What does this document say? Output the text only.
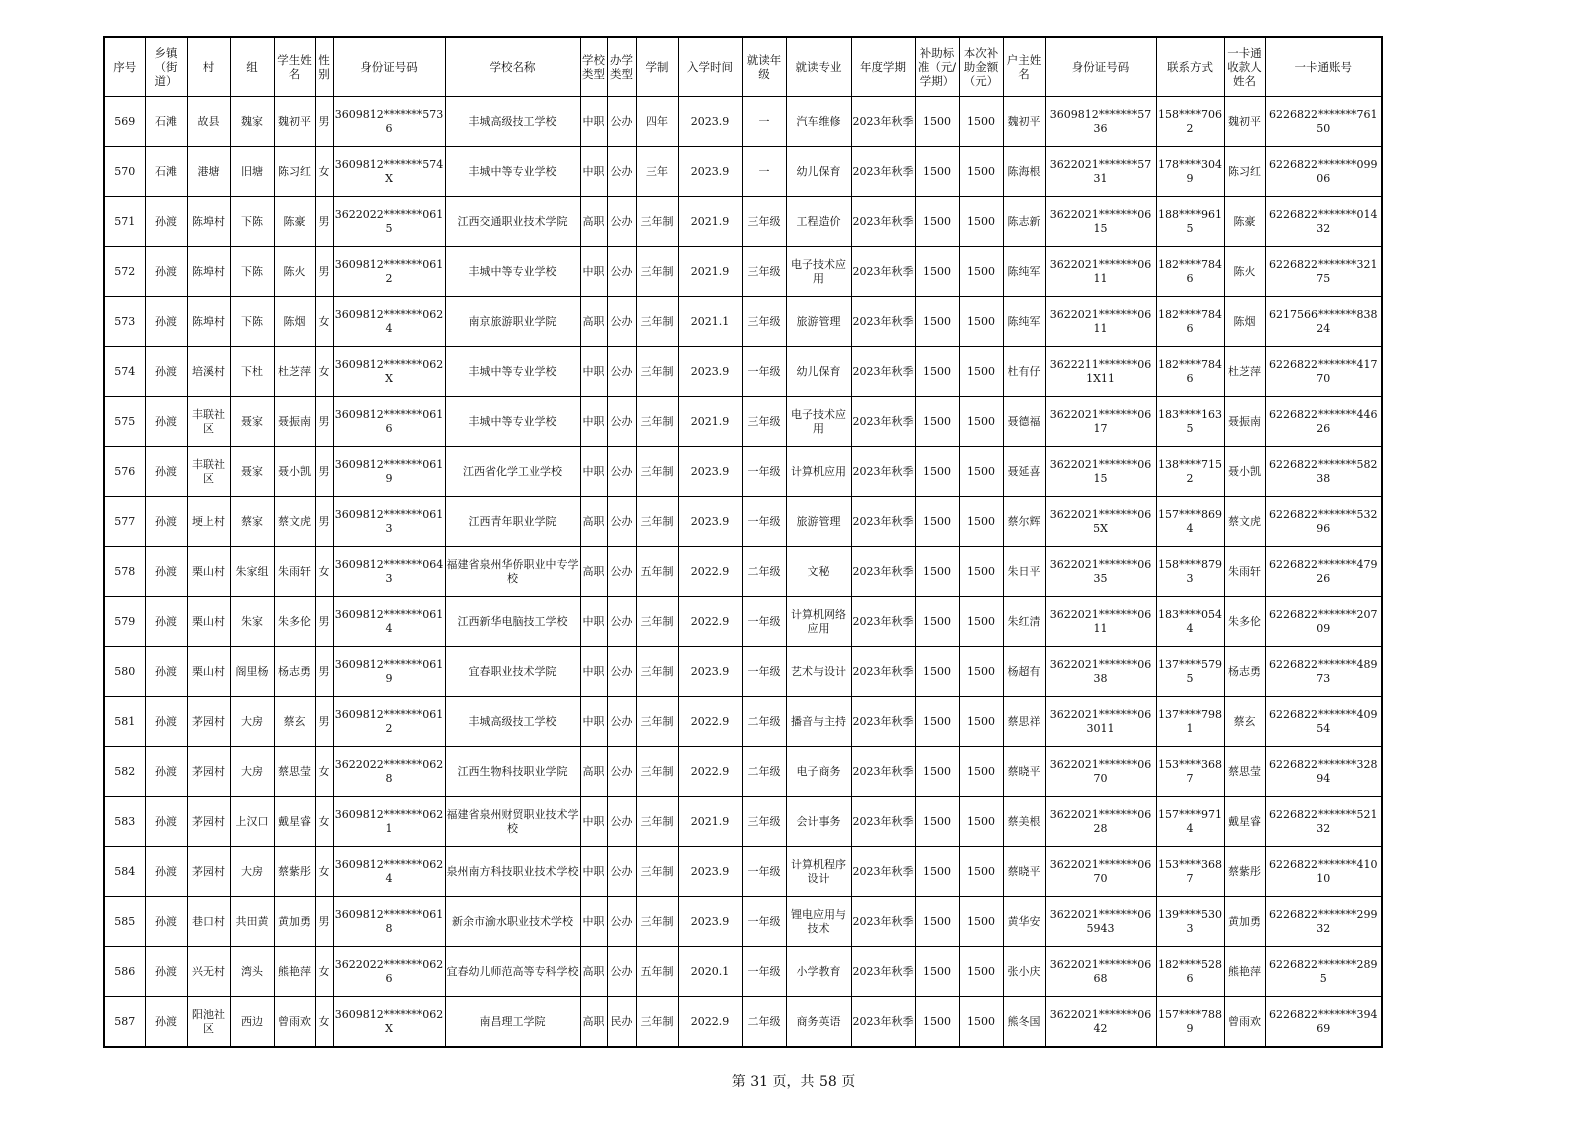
序号	乡镇（街道）	村	组	学生姓名	性别	身份证号码	学校名称	学校类型	办学类型	学制	入学时间	就读年级	就读专业	年度学期	补助标准（元/学期）	本次补助金额（元）	户主姓名	身份证号码	联系方式	一卡通收款人姓名	一卡通账号
569	石滩	故县	魏家	魏初平	男	3609812*******5736	丰城高级技工学校	中职	公办	四年	2023.9	一	汽车维修	2023年秋季	1500	1500	魏初平	3609812*******5736	158****7062	魏初平	6226822*******76150
570	石滩	港塘	旧塘	陈习红	女	3609812*******574X	丰城中等专业学校	中职	公办	三年	2023.9	一	幼儿保育	2023年秋季	1500	1500	陈海根	3622021*******5731	178****3049	陈习红	6226822*******09906
571	孙渡	陈埠村	下陈	陈豪	男	3622022*******0615	江西交通职业技术学院	高职	公办	三年制	2021.9	三年级	工程造价	2023年秋季	1500	1500	陈志新	3622021*******0615	188****9615	陈豪	6226822*******01432
572	孙渡	陈埠村	下陈	陈火	男	3609812*******0612	丰城中等专业学校	中职	公办	三年制	2021.9	三年级	电子技术应用	2023年秋季	1500	1500	陈纯军	3622021*******0611	182****7846	陈火	6226822*******32175
573	孙渡	陈埠村	下陈	陈烟	女	3609812*******0624	南京旅游职业学院	高职	公办	三年制	2021.1	三年级	旅游管理	2023年秋季	1500	1500	陈纯军	3622021*******0611	182****7846	陈烟	6217566*******83824
574	孙渡	培溪村	下杜	杜芝萍	女	3609812*******062X	丰城中等专业学校	中职	公办	三年制	2023.9	一年级	幼儿保育	2023年秋季	1500	1500	杜有仔	3622211*******061X11	182****7846	杜芝萍	6226822*******41770
575	孙渡	丰联社区	聂家	聂振南	男	3609812*******0616	丰城中等专业学校	中职	公办	三年制	2021.9	三年级	电子技术应用	2023年秋季	1500	1500	聂德福	3622021*******0617	183****1635	聂振南	6226822*******44626
576	孙渡	丰联社区	聂家	聂小凯	男	3609812*******0619	江西省化学工业学校	中职	公办	三年制	2023.9	一年级	计算机应用	2023年秋季	1500	1500	聂延喜	3622021*******0615	138****7152	聂小凯	6226822*******58238
577	孙渡	埂上村	蔡家	蔡文虎	男	3609812*******0613	江西青年职业学院	高职	公办	三年制	2023.9	一年级	旅游管理	2023年秋季	1500	1500	蔡尔辉	3622021*******065X	157****8694	蔡文虎	6226822*******53296
578	孙渡	栗山村	朱家组	朱雨轩	女	3609812*******0643	福建省泉州华侨职业中专学校	高职	公办	五年制	2022.9	二年级	文秘	2023年秋季	1500	1500	朱日平	3622021*******0635	158****8793	朱雨轩	6226822*******47926
579	孙渡	栗山村	朱家	朱多伦	男	3609812*******0614	江西新华电脑技工学校	中职	公办	三年制	2022.9	一年级	计算机网络应用	2023年秋季	1500	1500	朱红清	3622021*******0611	183****0544	朱多伦	6226822*******20709
580	孙渡	栗山村	阁里杨	杨志勇	男	3609812*******0619	宜春职业技术学院	中职	公办	三年制	2023.9	一年级	艺术与设计	2023年秋季	1500	1500	杨超有	3622021*******0638	137****5795	杨志勇	6226822*******48973
581	孙渡	茅园村	大房	蔡玄	男	3609812*******0612	丰城高级技工学校	中职	公办	三年制	2022.9	二年级	播音与主持	2023年秋季	1500	1500	蔡思祥	3622021*******063011	137****7981	蔡玄	6226822*******40954
582	孙渡	茅园村	大房	蔡思莹	女	3622022*******0628	江西生物科技职业学院	高职	公办	三年制	2022.9	二年级	电子商务	2023年秋季	1500	1500	蔡晓平	3622021*******0670	153****3687	蔡思莹	6226822*******32894
583	孙渡	茅园村	上汉口	戴星睿	女	3609812*******0621	福建省泉州财贸职业技术学校	中职	公办	三年制	2021.9	三年级	会计事务	2023年秋季	1500	1500	蔡美根	3622021*******0628	157****9714	戴星睿	6226822*******52132
584	孙渡	茅园村	大房	蔡紫彤	女	3609812*******0624	泉州南方科技职业技术学校	中职	公办	三年制	2023.9	一年级	计算机程序设计	2023年秋季	1500	1500	蔡晓平	3622021*******0670	153****3687	蔡紫彤	6226822*******41010
585	孙渡	巷口村	共田黄	黄加勇	男	3609812*******0618	新余市渝水职业技术学校	中职	公办	三年制	2023.9	一年级	锂电应用与技术	2023年秋季	1500	1500	黄华安	3622021*******065943	139****5303	黄加勇	6226822*******29932
586	孙渡	兴无村	湾头	熊艳萍	女	3622022*******0626	宜春幼儿师范高等专科学校	高职	公办	五年制	2020.1	一年级	小学教育	2023年秋季	1500	1500	张小庆	3622021*******0668	182****5286	熊艳萍	6226822*******2895
587	孙渡	阳池社区	西边	曾雨欢	女	3609812*******062X	南昌理工学院	高职	民办	三年制	2022.9	二年级	商务英语	2023年秋季	1500	1500	熊冬国	3622021*******0642	157****7889	曾雨欢	6226822*******39469
第 31 页，共 58 页
